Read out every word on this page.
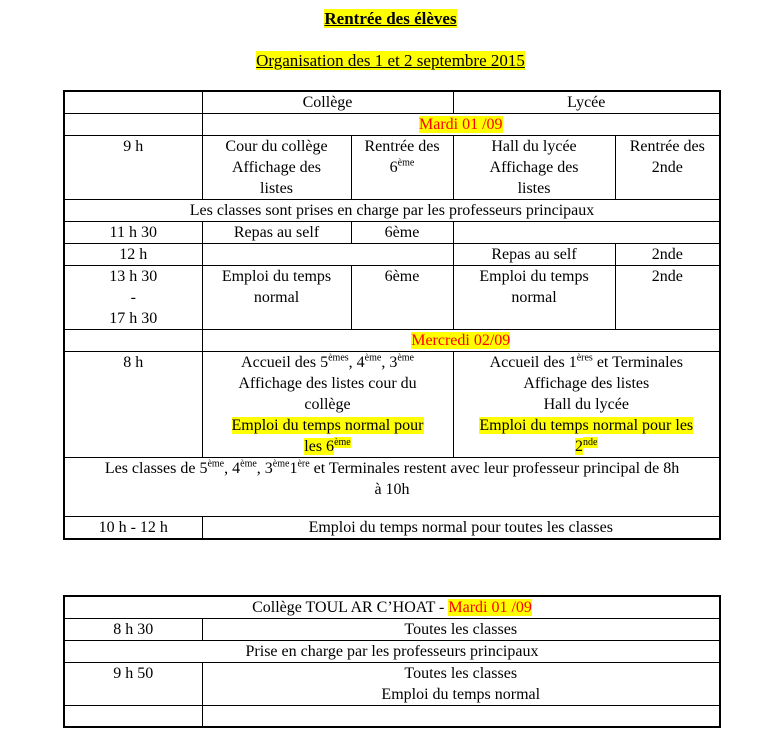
Rentrée des élèves
Organisation des 1 et 2 septembre 2015
	Collège		Lycée	
	Mardi 01 /09			
9 h	Cour du collège
Affichage des
listes	Rentrée des
6ème	Hall du lycée
Affichage des
listes	Rentrée des
2nde
Les classes sont prises en charge par les professeurs principaux				
11 h 30	Repas au self	6ème		
12 h			Repas au self	2nde
13 h 30
-
17 h 30	Emploi du temps normal	6ème	Emploi du temps normal	2nde
	Mercredi 02/09			
8 h	Accueil des 5èmes, 4ème, 3ème
Affichage des listes cour du
collège
Emploi du temps normal pour
les 6ème		Accueil des 1ères et Terminales
Affichage des listes
Hall du lycée
Emploi du temps normal pour les
2nde
Les classes de 5ème, 4ème, 3ème1ère et Terminales restent avec leur professeur principal de 8h
à 10h				
10 h - 12 h	Emploi du temps normal pour toutes les classes			
Collège TOUL AR C’HOAT - Mardi 01 /09	
8 h 30	Toutes les classes
Prise en charge par les professeurs principaux	
9 h 50	Toutes les classes
Emploi du temps normal
